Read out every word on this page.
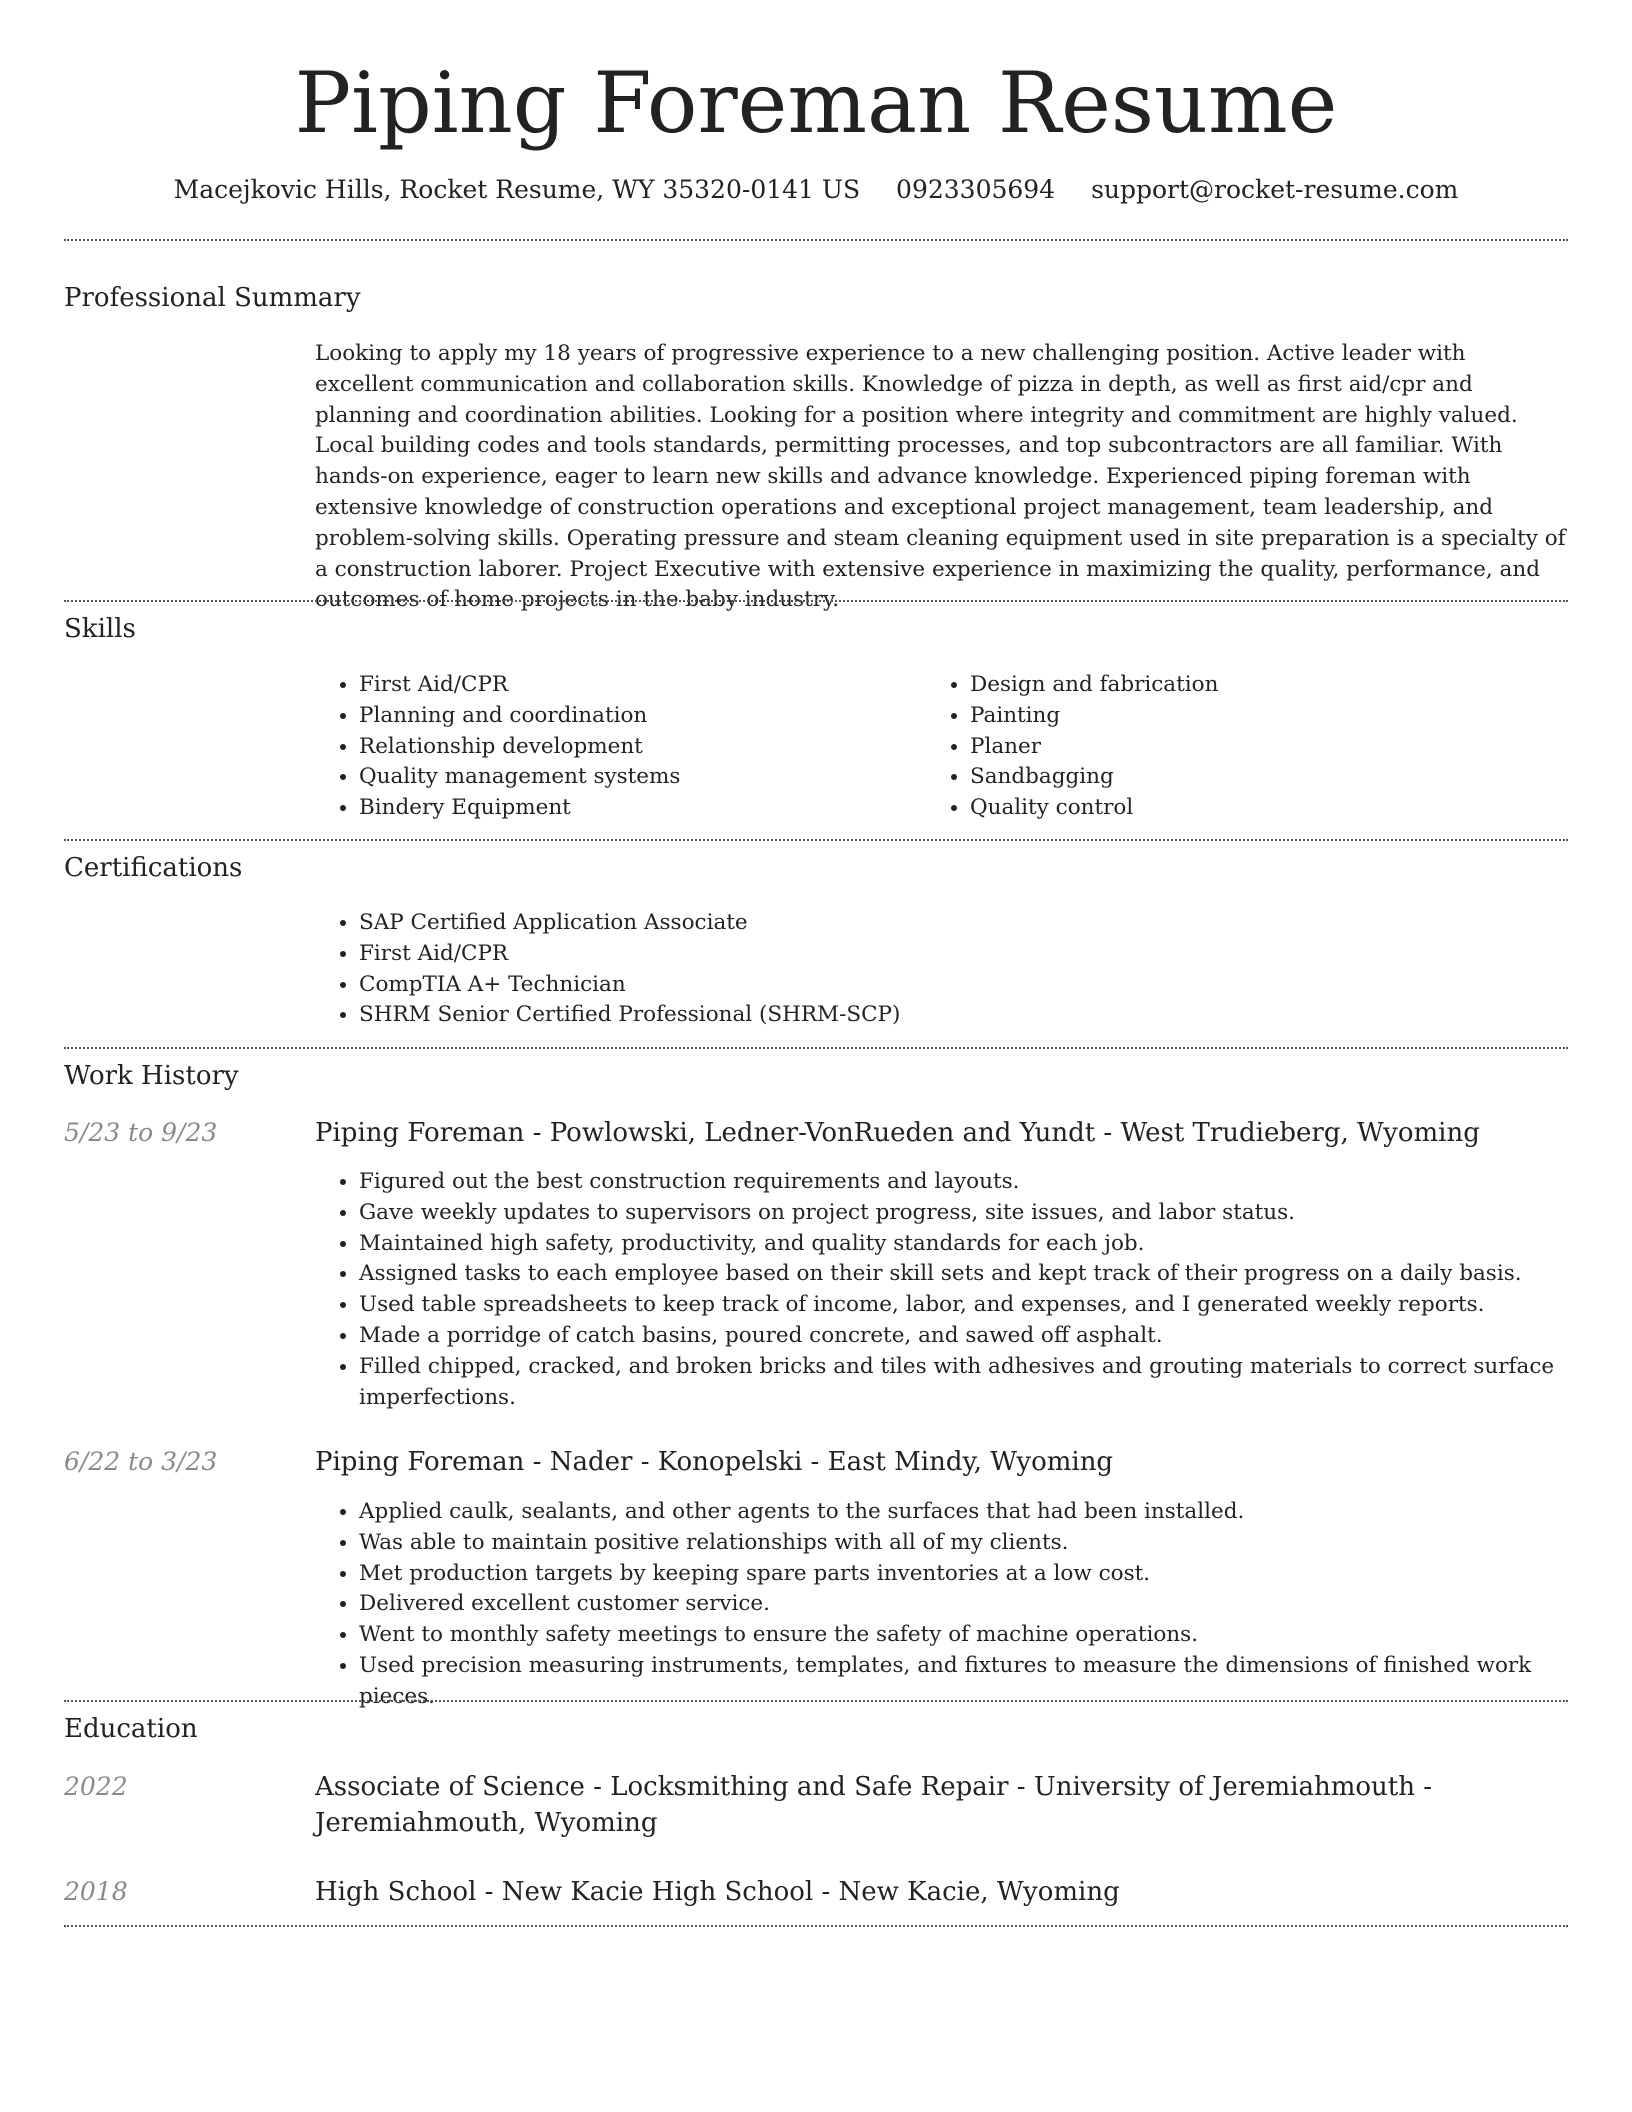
Piping Foreman Resume
Macejkovic Hills, Rocket Resume, WY 35320-0141 US 0923305694 support@rocket-resume.com
Professional Summary
Looking to apply my 18 years of progressive experience to a new challenging position. Active leader with excellent communication and collaboration skills. Knowledge of pizza in depth, as well as first aid/cpr and planning and coordination abilities. Looking for a position where integrity and commitment are highly valued. Local building codes and tools standards, permitting processes, and top subcontractors are all familiar. With hands-on experience, eager to learn new skills and advance knowledge. Experienced piping foreman with extensive knowledge of construction operations and exceptional project management, team leadership, and problem-solving skills. Operating pressure and steam cleaning equipment used in site preparation is a specialty of a construction laborer. Project Executive with extensive experience in maximizing the quality, performance, and outcomes of home projects in the baby industry.
Skills
• First Aid/CPR
• Planning and coordination
• Relationship development
• Quality management systems
• Bindery Equipment
• Design and fabrication
• Painting
• Planer
• Sandbagging
• Quality control
Certifications
• SAP Certified Application Associate
• First Aid/CPR
• CompTIA A+ Technician
• SHRM Senior Certified Professional (SHRM-SCP)
Work History
5/23 to 9/23	Piping Foreman - Powlowski, Ledner-VonRueden and Yundt - West Trudieberg, Wyoming
• Figured out the best construction requirements and layouts.
• Gave weekly updates to supervisors on project progress, site issues, and labor status.
• Maintained high safety, productivity, and quality standards for each job.
• Assigned tasks to each employee based on their skill sets and kept track of their progress on a daily basis.
• Used table spreadsheets to keep track of income, labor, and expenses, and I generated weekly reports.
• Made a porridge of catch basins, poured concrete, and sawed off asphalt.
• Filled chipped, cracked, and broken bricks and tiles with adhesives and grouting materials to correct surface imperfections.
6/22 to 3/23	Piping Foreman - Nader - Konopelski - East Mindy, Wyoming
• Applied caulk, sealants, and other agents to the surfaces that had been installed.
• Was able to maintain positive relationships with all of my clients.
• Met production targets by keeping spare parts inventories at a low cost.
• Delivered excellent customer service.
• Went to monthly safety meetings to ensure the safety of machine operations.
• Used precision measuring instruments, templates, and fixtures to measure the dimensions of finished work pieces.
Education
2022	Associate of Science - Locksmithing and Safe Repair - University of Jeremiahmouth - Jeremiahmouth, Wyoming
2018	High School - New Kacie High School - New Kacie, Wyoming
